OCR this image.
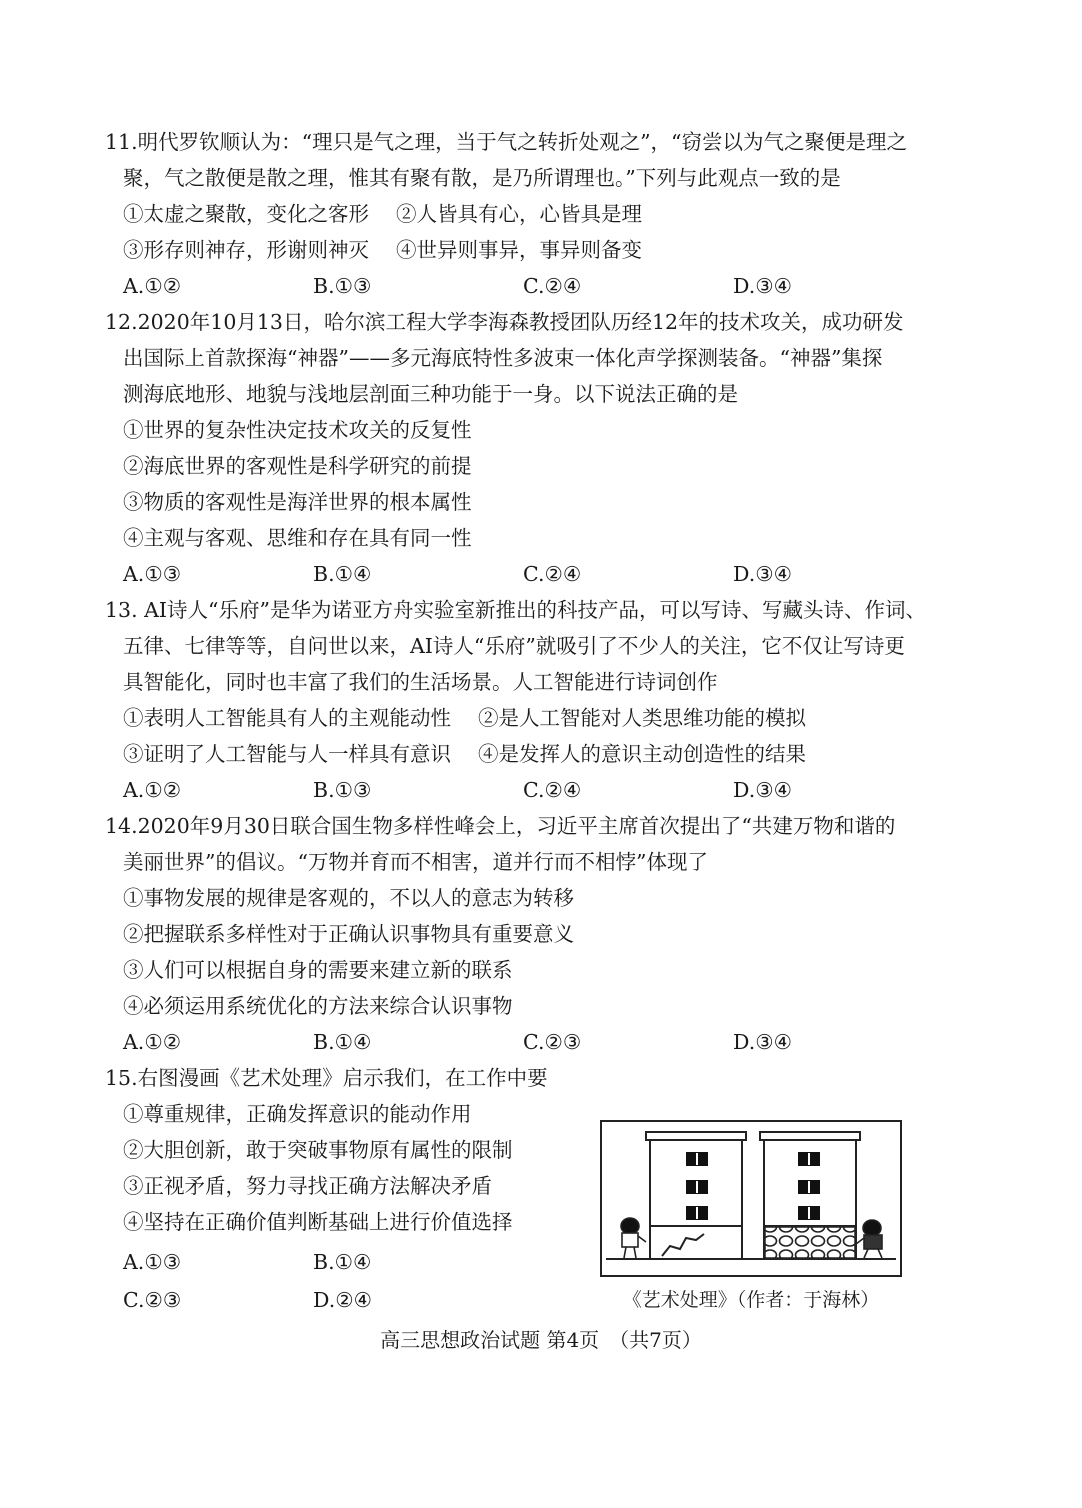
11.明代罗钦顺认为：“理只是气之理，当于气之转折处观之”，“窃尝以为气之聚便是理之
聚，气之散便是散之理，惟其有聚有散，是乃所谓理也。”下列与此观点一致的是
①太虚之聚散，变化之客形　 ②人皆具有心，心皆具是理
③形存则神存，形谢则神灭　 ④世异则事异，事异则备变
A.①②	B.①③	C.②④	D.③④
12.2020年10月13日，哈尔滨工程大学李海森教授团队历经12年的技术攻关，成功研发
出国际上首款探海“神器”——多元海底特性多波束一体化声学探测装备。“神器”集探
测海底地形、地貌与浅地层剖面三种功能于一身。以下说法正确的是
①世界的复杂性决定技术攻关的反复性
②海底世界的客观性是科学研究的前提
③物质的客观性是海洋世界的根本属性
④主观与客观、思维和存在具有同一性
A.①③	B.①④	C.②④	D.③④
13. AI诗人“乐府”是华为诺亚方舟实验室新推出的科技产品，可以写诗、写藏头诗、作词、
五律、七律等等，自问世以来，AI诗人“乐府”就吸引了不少人的关注，它不仅让写诗更
具智能化，同时也丰富了我们的生活场景。人工智能进行诗词创作
①表明人工智能具有人的主观能动性　 ②是人工智能对人类思维功能的模拟
③证明了人工智能与人一样具有意识　 ④是发挥人的意识主动创造性的结果
A.①②	B.①③	C.②④	D.③④
14.2020年9月30日联合国生物多样性峰会上，习近平主席首次提出了“共建万物和谐的
美丽世界”的倡议。“万物并育而不相害，道并行而不相悖”体现了
①事物发展的规律是客观的，不以人的意志为转移
②把握联系多样性对于正确认识事物具有重要意义
③人们可以根据自身的需要来建立新的联系
④必须运用系统优化的方法来综合认识事物
A.①②	B.①④	C.②③	D.③④
15.右图漫画《艺术处理》启示我们，在工作中要
①尊重规律，正确发挥意识的能动作用
②大胆创新，敢于突破事物原有属性的限制
③正视矛盾，努力寻找正确方法解决矛盾
④坚持在正确价值判断基础上进行价值选择
A.①③	B.①④
C.②③	D.②④	《艺术处理》（作者：于海林）
高三思想政治试题 第4页　（共7页）
